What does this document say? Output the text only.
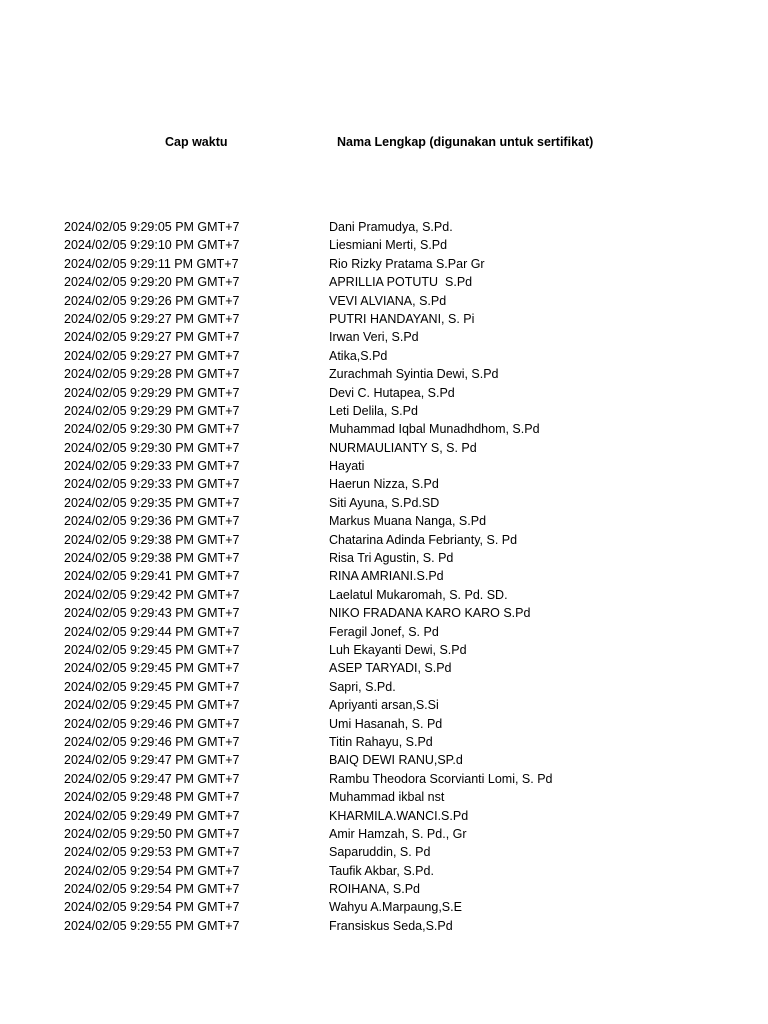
Cap waktu	Nama Lengkap (digunakan untuk sertifikat)
2024/02/05 9:29:05 PM GMT+7	Dani Pramudya, S.Pd.
2024/02/05 9:29:10 PM GMT+7	Liesmiani Merti, S.Pd
2024/02/05 9:29:11 PM GMT+7	Rio Rizky Pratama S.Par Gr
2024/02/05 9:29:20 PM GMT+7	APRILLIA POTUTU  S.Pd
2024/02/05 9:29:26 PM GMT+7	VEVI ALVIANA, S.Pd
2024/02/05 9:29:27 PM GMT+7	PUTRI HANDAYANI, S. Pi
2024/02/05 9:29:27 PM GMT+7	Irwan Veri, S.Pd
2024/02/05 9:29:27 PM GMT+7	Atika,S.Pd
2024/02/05 9:29:28 PM GMT+7	Zurachmah Syintia Dewi, S.Pd
2024/02/05 9:29:29 PM GMT+7	Devi C. Hutapea, S.Pd
2024/02/05 9:29:29 PM GMT+7	Leti Delila, S.Pd
2024/02/05 9:29:30 PM GMT+7	Muhammad Iqbal Munadhdhom, S.Pd
2024/02/05 9:29:30 PM GMT+7	NURMAULIANTY S, S. Pd
2024/02/05 9:29:33 PM GMT+7	Hayati
2024/02/05 9:29:33 PM GMT+7	Haerun Nizza, S.Pd
2024/02/05 9:29:35 PM GMT+7	Siti Ayuna, S.Pd.SD
2024/02/05 9:29:36 PM GMT+7	Markus Muana Nanga, S.Pd
2024/02/05 9:29:38 PM GMT+7	Chatarina Adinda Febrianty, S. Pd
2024/02/05 9:29:38 PM GMT+7	Risa Tri Agustin, S. Pd
2024/02/05 9:29:41 PM GMT+7	RINA AMRIANI.S.Pd
2024/02/05 9:29:42 PM GMT+7	Laelatul Mukaromah, S. Pd. SD.
2024/02/05 9:29:43 PM GMT+7	NIKO FRADANA KARO KARO S.Pd
2024/02/05 9:29:44 PM GMT+7	Feragil Jonef, S. Pd
2024/02/05 9:29:45 PM GMT+7	Luh Ekayanti Dewi, S.Pd
2024/02/05 9:29:45 PM GMT+7	ASEP TARYADI, S.Pd
2024/02/05 9:29:45 PM GMT+7	Sapri, S.Pd.
2024/02/05 9:29:45 PM GMT+7	Apriyanti arsan,S.Si
2024/02/05 9:29:46 PM GMT+7	Umi Hasanah, S. Pd
2024/02/05 9:29:46 PM GMT+7	Titin Rahayu, S.Pd
2024/02/05 9:29:47 PM GMT+7	BAIQ DEWI RANU,SP.d
2024/02/05 9:29:47 PM GMT+7	Rambu Theodora Scorvianti Lomi, S. Pd
2024/02/05 9:29:48 PM GMT+7	Muhammad ikbal nst
2024/02/05 9:29:49 PM GMT+7	KHARMILA.WANCI.S.Pd
2024/02/05 9:29:50 PM GMT+7	Amir Hamzah, S. Pd., Gr
2024/02/05 9:29:53 PM GMT+7	Saparuddin, S. Pd
2024/02/05 9:29:54 PM GMT+7	Taufik Akbar, S.Pd.
2024/02/05 9:29:54 PM GMT+7	ROIHANA, S.Pd
2024/02/05 9:29:54 PM GMT+7	Wahyu A.Marpaung,S.E
2024/02/05 9:29:55 PM GMT+7	Fransiskus Seda,S.Pd
